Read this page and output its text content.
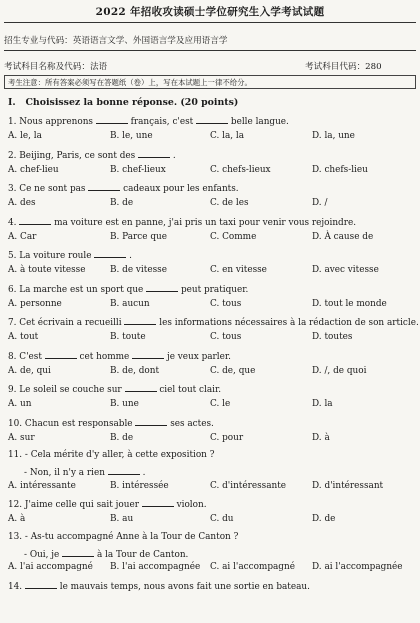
2022 年招收攻读硕士学位研究生入学考试试题
招生专业与代码：英语语言文学、外国语言学及应用语言学
考试科目名称及代码：法语	考试科目代码：280
考生注意：所有答案必须写在答题纸（卷）上，写在本试题上一律不给分。
I. Choisissez la bonne réponse. (20 points)
1. Nous apprenons	français, c'est	belle langue.
A. le, la	B. le, une	C. la, la	D. la, une
2. Beijing, Paris, ce sont des	.
A. chef-lieu	B. chef-lieux	C. chefs-lieux	D. chefs-lieu
3. Ce ne sont pas	cadeaux pour les enfants.
A. des	B. de	C. de les	D. /
4.	ma voiture est en panne, j'ai pris un taxi pour venir vous rejoindre.
A. Car	B. Parce que	C. Comme	D. À cause de
5. La voiture roule	.
A. à toute vitesse	B. de vitesse	C. en vitesse	D. avec vitesse
6. La marche est un sport que	peut pratiquer.
A. personne	B. aucun	C. tous	D. tout le monde
7. Cet écrivain a recueilli	les informations nécessaires à la rédaction de son article.
A. tout	B. toute	C. tous	D. toutes
8. C'est	cet homme	je veux parler.
A. de, qui	B. de, dont	C. de, que	D. /, de quoi
9. Le soleil se couche sur	ciel tout clair.
A. un	B. une	C. le	D. la
10. Chacun est responsable	ses actes.
A. sur	B. de	C. pour	D. à
11. - Cela mérite d'y aller, à cette exposition ?
- Non, il n'y a rien	.
A. intéressante	B. intéressée	C. d'intéressante	D. d'intéressant
12. J'aime celle qui sait jouer	violon.
A. à	B. au	C. du	D. de
13. - As-tu accompagné Anne à la Tour de Canton ?
- Oui, je	à la Tour de Canton.
A. l'ai accompagné B. l'ai accompagnée C. ai l'accompagné D. ai l'accompagnée
14.	le mauvais temps, nous avons fait une sortie en bateau.
